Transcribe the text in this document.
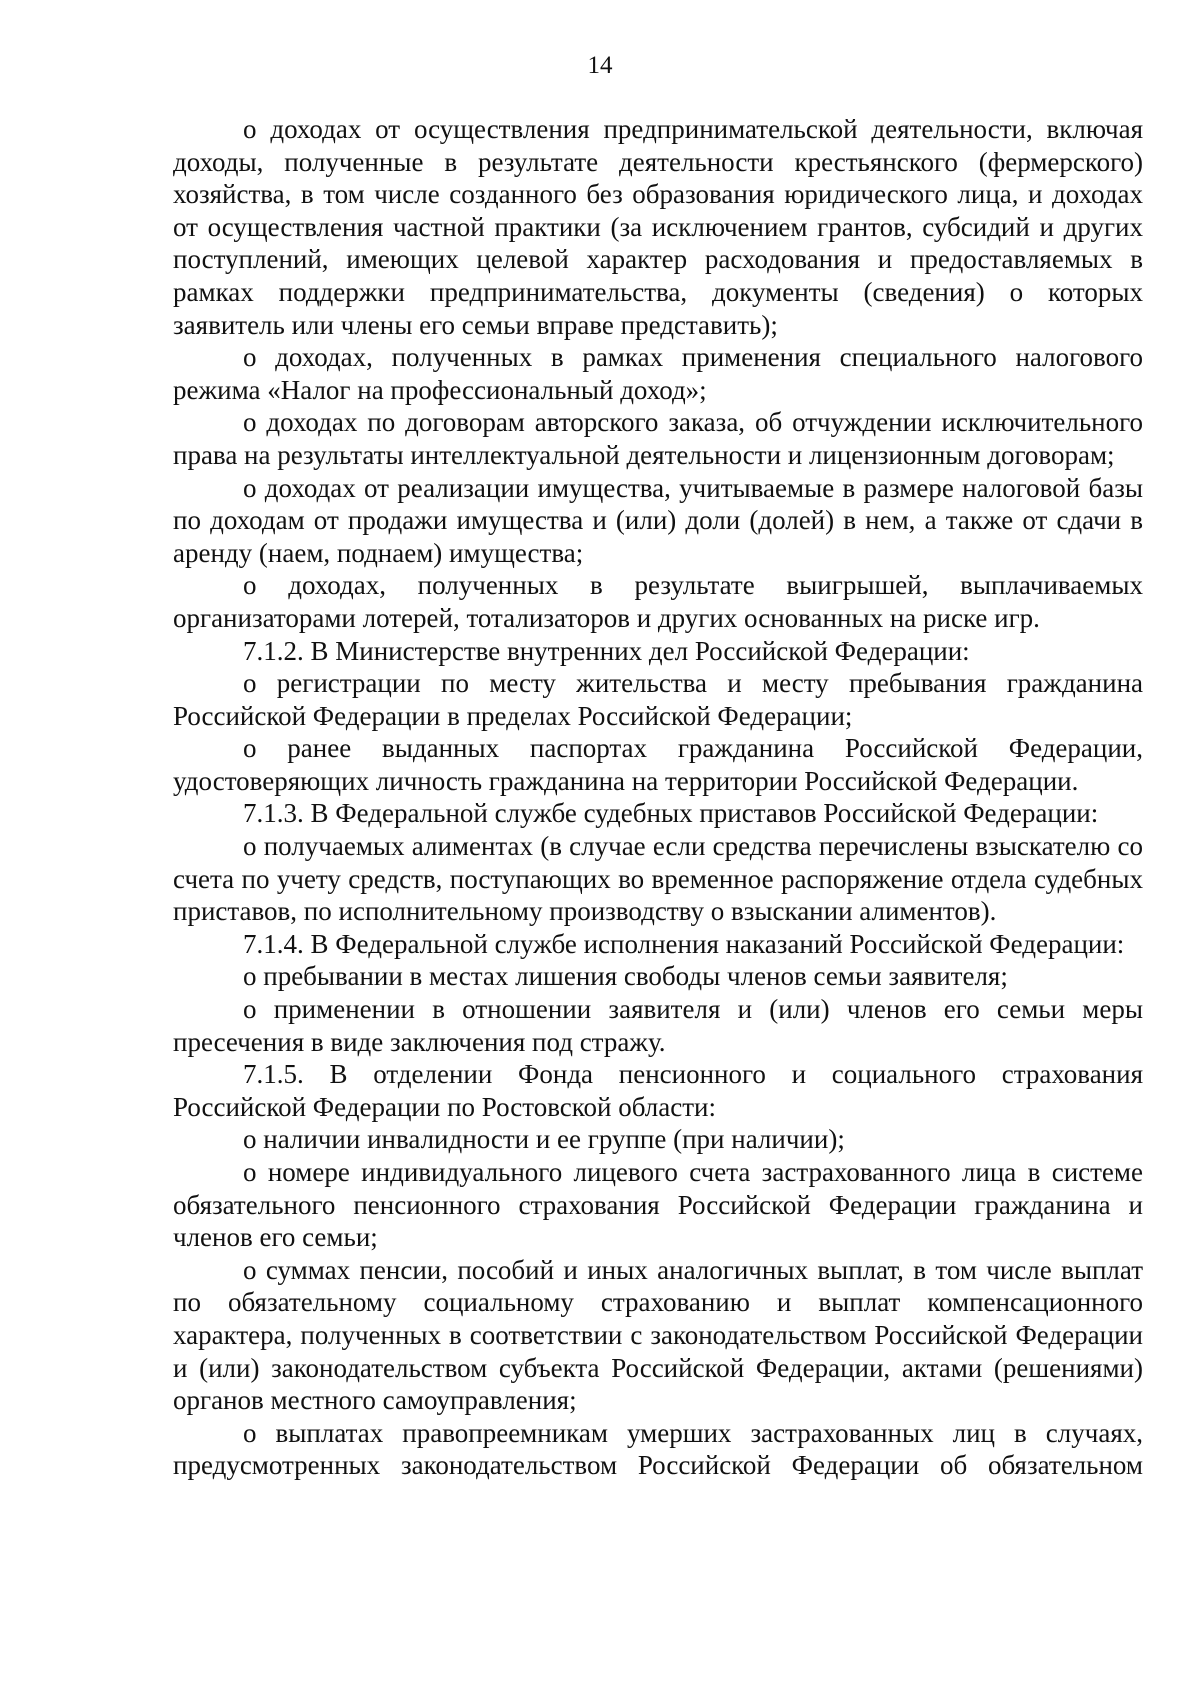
14

о доходах от осуществления предпринимательской деятельности, включая доходы, полученные в результате деятельности крестьянского (фермерского) хозяйства, в том числе созданного без образования юридического лица, и доходах от осуществления частной практики (за исключением грантов, субсидий и других поступлений, имеющих целевой характер расходования и предоставляемых в рамках поддержки предпринимательства, документы (сведения) о которых заявитель или члены его семьи вправе представить);

о доходах, полученных в рамках применения специального налогового режима «Налог на профессиональный доход»;

о доходах по договорам авторского заказа, об отчуждении исключительного права на результаты интеллектуальной деятельности и лицензионным договорам;

о доходах от реализации имущества, учитываемые в размере налоговой базы по доходам от продажи имущества и (или) доли (долей) в нем, а также от сдачи в аренду (наем, поднаем) имущества;

о доходах, полученных в результате выигрышей, выплачиваемых организаторами лотерей, тотализаторов и других основанных на риске игр.

7.1.2. В Министерстве внутренних дел Российской Федерации:

о регистрации по месту жительства и месту пребывания гражданина Российской Федерации в пределах Российской Федерации;

о ранее выданных паспортах гражданина Российской Федерации, удостоверяющих личность гражданина на территории Российской Федерации.

7.1.3. В Федеральной службе судебных приставов Российской Федерации:

о получаемых алиментах (в случае если средства перечислены взыскателю со счета по учету средств, поступающих во временное распоряжение отдела судебных приставов, по исполнительному производству о взыскании алиментов).

7.1.4. В Федеральной службе исполнения наказаний Российской Федерации:

о пребывании в местах лишения свободы членов семьи заявителя;

о применении в отношении заявителя и (или) членов его семьи меры пресечения в виде заключения под стражу.

7.1.5. В отделении Фонда пенсионного и социального страхования Российской Федерации по Ростовской области:

о наличии инвалидности и ее группе (при наличии);

о номере индивидуального лицевого счета застрахованного лица в системе обязательного пенсионного страхования Российской Федерации гражданина и членов его семьи;

о суммах пенсии, пособий и иных аналогичных выплат, в том числе выплат по обязательному социальному страхованию и выплат компенсационного характера, полученных в соответствии с законодательством Российской Федерации и (или) законодательством субъекта Российской Федерации, актами (решениями) органов местного самоуправления;

о выплатах правопреемникам умерших застрахованных лиц в случаях, предусмотренных законодательством Российской Федерации об обязательном
